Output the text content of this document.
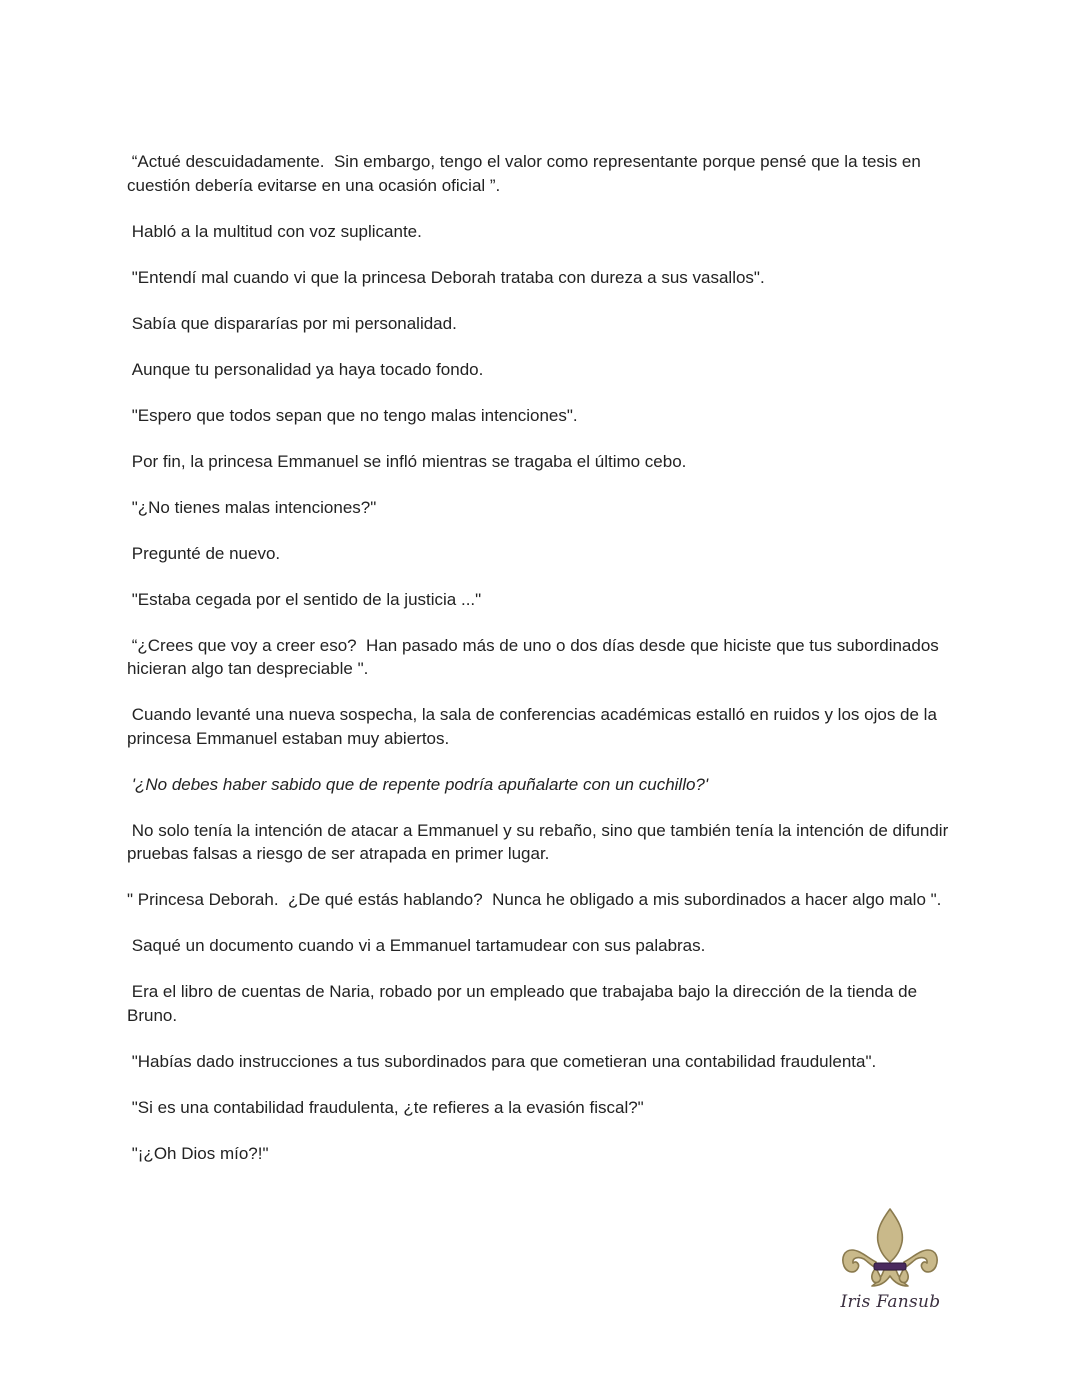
“Actué descuidadamente.  Sin embargo, tengo el valor como representante porque pensé que la tesis en cuestión debería evitarse en una ocasión oficial ”.

Habló a la multitud con voz suplicante.

"Entendí mal cuando vi que la princesa Deborah trataba con dureza a sus vasallos".

Sabía que dispararías por mi personalidad.

Aunque tu personalidad ya haya tocado fondo.

"Espero que todos sepan que no tengo malas intenciones".

Por fin, la princesa Emmanuel se infló mientras se tragaba el último cebo.

"¿No tienes malas intenciones?"

Pregunté de nuevo.

"Estaba cegada por el sentido de la justicia ..."

“¿Crees que voy a creer eso?  Han pasado más de uno o dos días desde que hiciste que tus subordinados hicieran algo tan despreciable ".

Cuando levanté una nueva sospecha, la sala de conferencias académicas estalló en ruidos y los ojos de la princesa Emmanuel estaban muy abiertos.

'¿No debes haber sabido que de repente podría apuñalarte con un cuchillo?'

No solo tenía la intención de atacar a Emmanuel y su rebaño, sino que también tenía la intención de difundir pruebas falsas a riesgo de ser atrapada en primer lugar.

" Princesa Deborah.  ¿De qué estás hablando?  Nunca he obligado a mis subordinados a hacer algo malo ".

Saqué un documento cuando vi a Emmanuel tartamudear con sus palabras.

Era el libro de cuentas de Naria, robado por un empleado que trabajaba bajo la dirección de la tienda de Bruno.

"Habías dado instrucciones a tus subordinados para que cometieran una contabilidad fraudulenta".

"Si es una contabilidad fraudulenta, ¿te refieres a la evasión fiscal?"

"¡¿Oh Dios mío?!"

Iris Fansub
